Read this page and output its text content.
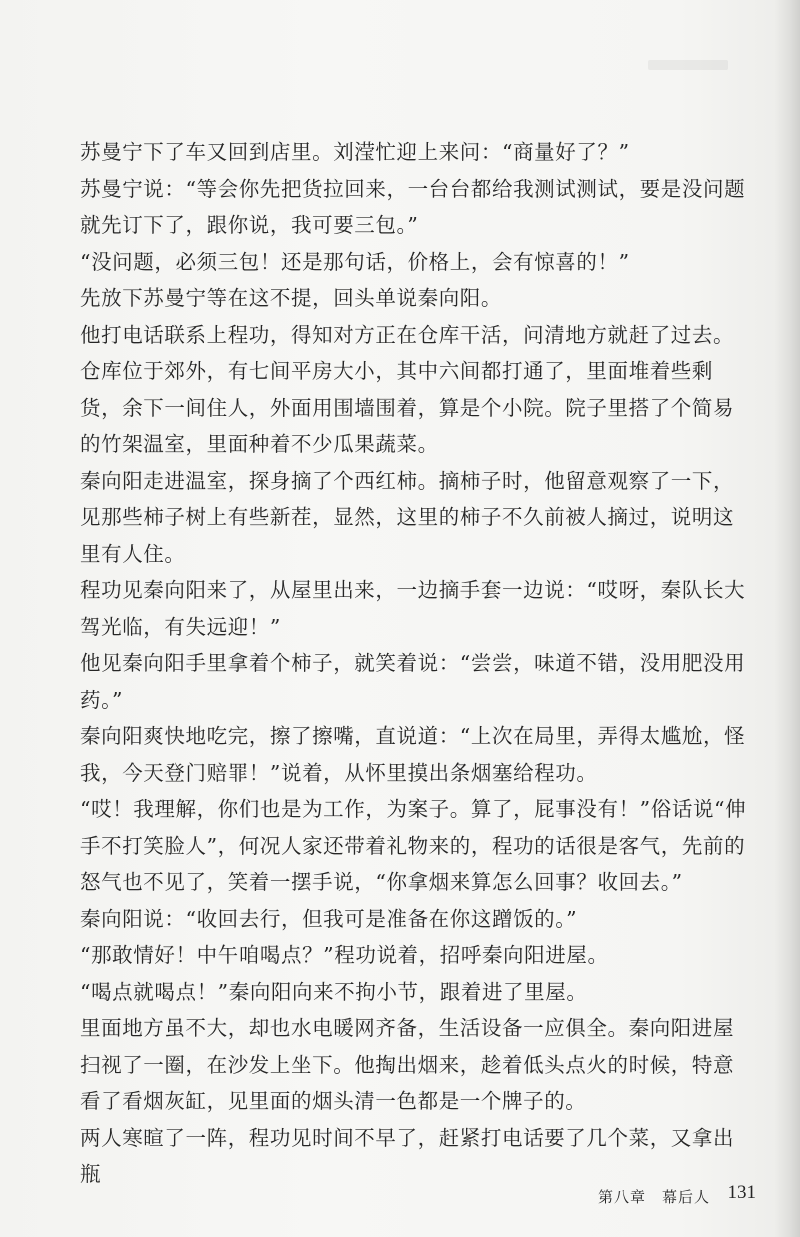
苏曼宁下了车又回到店里。刘滢忙迎上来问：“商量好了？”

苏曼宁说：“等会你先把货拉回来，一台台都给我测试测试，要是没问题就先订下了，跟你说，我可要三包。”

“没问题，必须三包！还是那句话，价格上，会有惊喜的！”

先放下苏曼宁等在这不提，回头单说秦向阳。

他打电话联系上程功，得知对方正在仓库干活，问清地方就赶了过去。

仓库位于郊外，有七间平房大小，其中六间都打通了，里面堆着些剩货，余下一间住人，外面用围墙围着，算是个小院。院子里搭了个简易的竹架温室，里面种着不少瓜果蔬菜。

秦向阳走进温室，探身摘了个西红柿。摘柿子时，他留意观察了一下，见那些柿子树上有些新茬，显然，这里的柿子不久前被人摘过，说明这里有人住。

程功见秦向阳来了，从屋里出来，一边摘手套一边说：“哎呀，秦队长大驾光临，有失远迎！”

他见秦向阳手里拿着个柿子，就笑着说：“尝尝，味道不错，没用肥没用药。”

秦向阳爽快地吃完，擦了擦嘴，直说道：“上次在局里，弄得太尴尬，怪我，今天登门赔罪！”说着，从怀里摸出条烟塞给程功。

“哎！我理解，你们也是为工作，为案子。算了，屁事没有！”俗话说“伸手不打笑脸人”，何况人家还带着礼物来的，程功的话很是客气，先前的怒气也不见了，笑着一摆手说，“你拿烟来算怎么回事？收回去。”

秦向阳说：“收回去行，但我可是准备在你这蹭饭的。”

“那敢情好！中午咱喝点？”程功说着，招呼秦向阳进屋。

“喝点就喝点！”秦向阳向来不拘小节，跟着进了里屋。

里面地方虽不大，却也水电暖网齐备，生活设备一应俱全。秦向阳进屋扫视了一圈，在沙发上坐下。他掏出烟来，趁着低头点火的时候，特意看了看烟灰缸，见里面的烟头清一色都是一个牌子的。

两人寒暄了一阵，程功见时间不早了，赶紧打电话要了几个菜，又拿出瓶

第八章　幕后人 131
